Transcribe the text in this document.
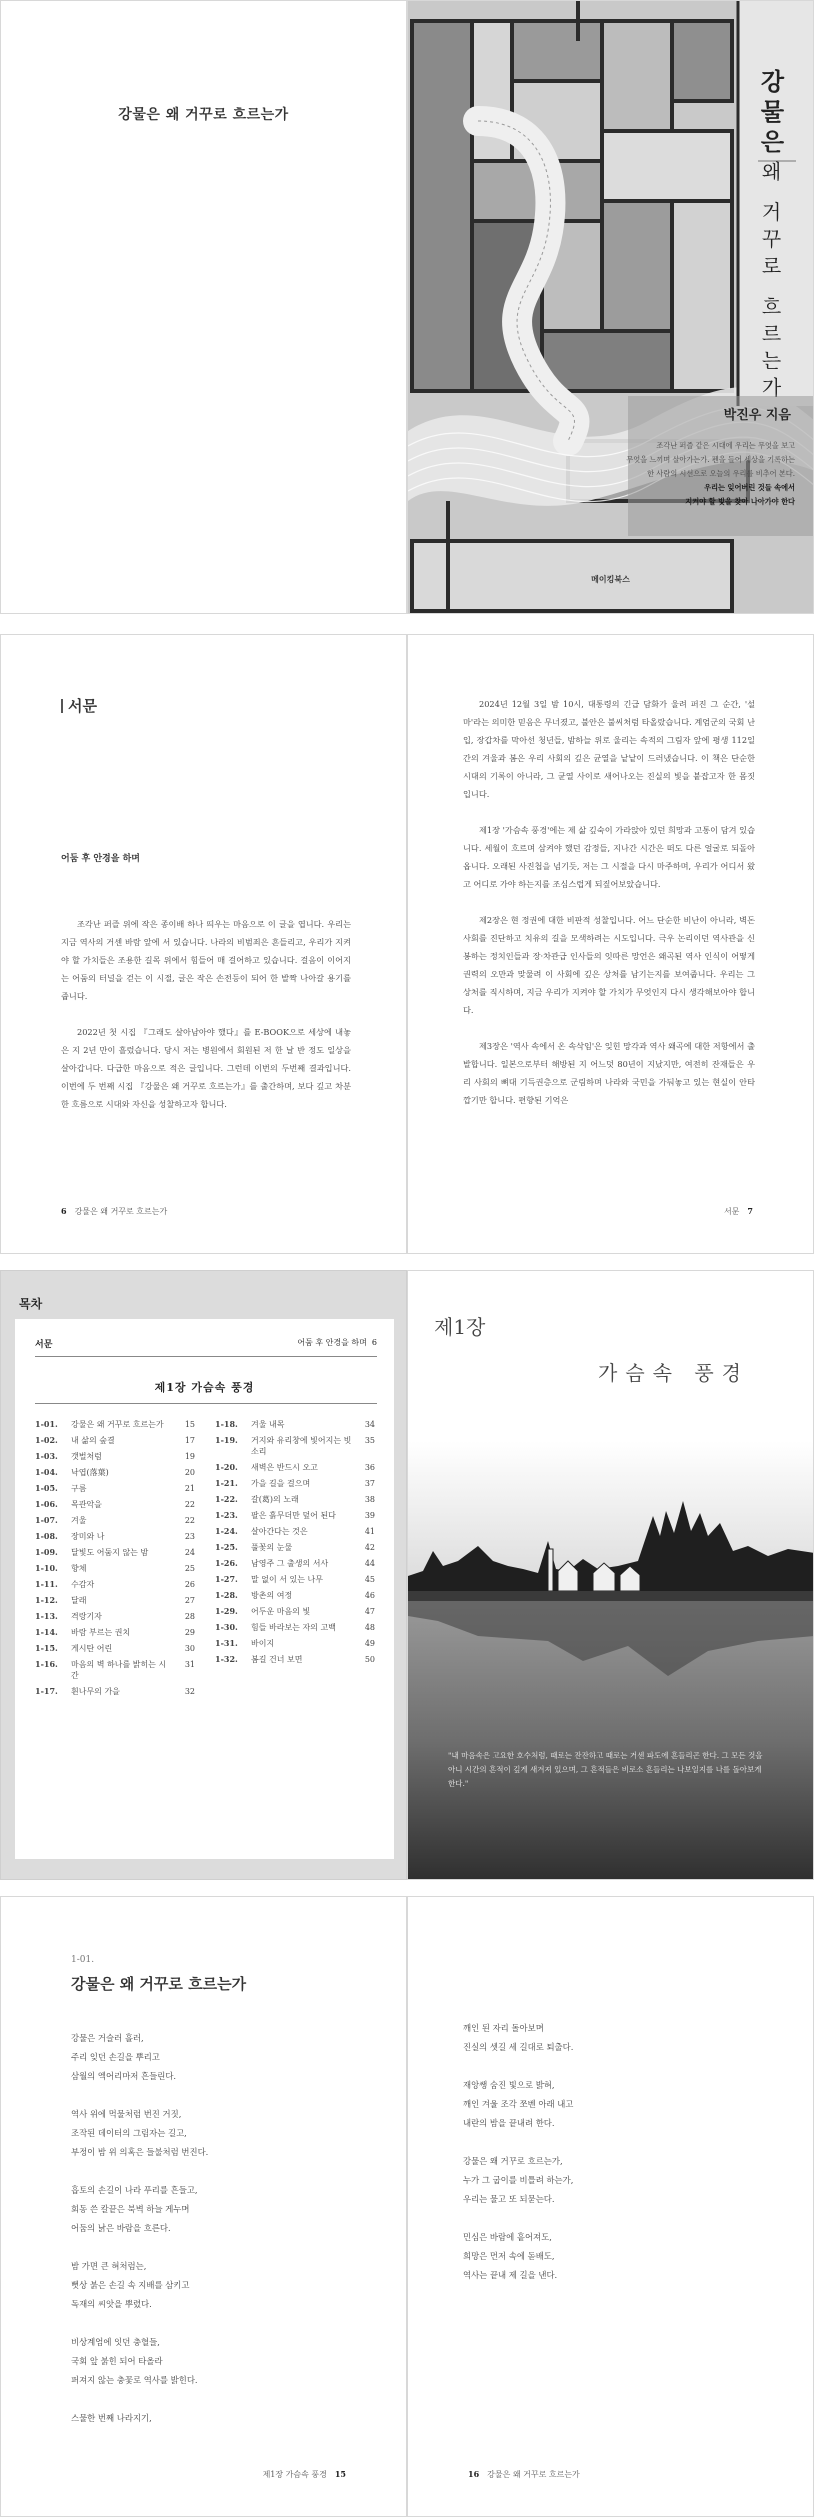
강물은 왜 거꾸로 흐르는가	강물은
왜 거꾸로 흐르는가
박진우 지음
조각난 퍼즐 같은 시대에 우리는 무엇을 보고
무엇을 느끼며 살아가는가. 펜을 들어 세상을 기록하는
한 사람의 시선으로 오늘의 우리를 비추어 본다.
우리는 잊어버린 것들 속에서
지켜야 할 빛을 찾아 나아가야 한다
메이킹북스
서문
어둠 후 안경을 하며

조각난 퍼즐 위에 작은 종이배 하나 띄우는 마음으로 이 글을 엽니다. 우리는 지금 역사의 거센 바람 앞에 서 있습니다. 나라의 비범죄은 흔들리고, 우리가 지켜야 할 가치들은 조용한 길목 위에서 힘들어 매 걸어하고 있습니다. 걸음이 이어지는 어둠의 터널을 걷는 이 시절, 글은 작은 손전등이 되어 한 발짝 나아갈 용기를 줍니다.

2022년 첫 시집 『그래도 살아남아야 했다』를 E-BOOK으로 세상에 내놓은 지 2년 만이 흘렀습니다. 당시 저는 병원에서 회원된 저 한 날 반 정도 일상을 살아갑니다. 다급한 마음으로 적은 글입니다. 그런데 이번의 두번째 결과입니다. 이번에 두 번째 시집 『강물은 왜 거꾸로 흐르는가』를 출간하며, 보다 깊고 차분한 흐름으로 시대와 자신을 성찰하고자 합니다.

6 강물은 왜 거꾸로 흐르는가

2024년 12월 3일 밤 10시, 대통령의 긴급 담화가 울려 퍼진 그 순간, '설마'라는 의미한 믿음은 무너졌고, 불안은 불씨처럼 타올랐습니다. 계엄군의 국회 난입, 장갑차를 막아선 청년들, 밤하늘 위로 울리는 속적의 그림자 앞에 평생 112일간의 겨울과 봄은 우리 사회의 깊은 균열을 낱낱이 드러냈습니다. 이 책은 단순한 시대의 기록이 아니라, 그 균열 사이로 새어나오는 진실의 빛을 붙잡고자 한 몸짓입니다.

제1장 '가슴속 풍경'에는 제 삶 깊숙이 가라앉아 있던 희망과 고통이 담겨 있습니다. 세월이 흐르며 삼켜야 했던 감정들, 지나간 시간은 떠도 다른 얼굴로 되돌아옵니다. 오래된 사진첩을 넘기듯, 저는 그 시절을 다시 마주하며, 우리가 어디서 왔고 어디로 가야 하는지를 조심스럽게 되짚어보았습니다.

제2장은 현 정권에 대한 비판적 성찰입니다. 어느 단순한 비난이 아니라, 벽돈 사회를 진단하고 치유의 길을 모색하려는 시도입니다. 극우 논리이던 역사관을 신봉하는 정치인들과 장·차관급 인사들의 잇따른 망언은 왜곡된 역사 인식이 어떻게 권력의 오만과 맞물려 이 사회에 깊은 상처를 남기는지를 보여줍니다. 우리는 그 상처를 직시하며, 지금 우리가 지켜야 할 가치가 무엇인지 다시 생각해보아야 합니다.

제3장은 '역사 속에서 온 속삭임'은 잊힌 망각과 역사 왜곡에 대한 저항에서 출발합니다. 일본으로부터 해방된 지 어느덧 80년이 지났지만, 여전히 잔재들은 우리 사회의 뼈대 기득권층으로 군림하며 나라와 국민을 가둬놓고 있는 현실이 안타깝기만 합니다. 편향된 기억은

서문 7
목차
서문	어둠 후 안경을 하며 6
제1장 가슴속 풍경
1-01.	강물은 왜 거꾸로 흐르는가	15
1-02.	내 삶의 숲결	17
1-03.	갯벌처럼	19
1-04.	낙엽(落葉)	20
1-05.	구름	21
1-06.	목관악을	22
1-07.	겨울	22
1-08.	장미와 나	23
1-09.	달빛도 어둠지 않는 밤	24
1-10.	향체	25
1-11.	수감자	26
1-12.	달래	27
1-13.	격랑기자	28
1-14.	바람 부르는 권치	29
1-15.	게시탄 어린	30
1-16.	마음의 벽 하나를 밝히는 시간
31
1-17.	흰나무의 가을	32
1-18.	겨울 내목	34
1-19.	거지와 유리창에 빛어지는 빗소리
35
1-20.	새벽은 반드시 오고	36
1-21.	가을 길을 걸으며	37
1-22.	갈(葛)의 노래	38
1-23.	팔은 흙무더만 덮어 된다	39
1-24.	살아간다는 것은	41
1-25.	풀꽃의 눈물	42
1-26.	남영주 그 출생의 서사	44
1-27.	말 없이 서 있는 나무	45
1-28.	방촌의 여정	46
1-29.	어두운 마음의 빛	47
1-30.	힘들 바라보는 자의 고백	48
1-31.	바이지	49
1-32.	봄길 건너 보면	50
제1장
가슴속 풍경
"내 마음속은 고요한 호수처럼, 때로는 잔잔하고 때로는 거센 파도에 흔들리곤 한다. 그 모든 것을 아니 시간의 흔적이 깊게 새겨져 있으며, 그 흔적들은 비로소 흔들리는 나보일지를 나를 돌아보게 한다."
1-01.
강물은 왜 거꾸로 흐르는가
강물은 거슬러 흘러,
주리 잊던 손길을 뿌리고
삼월의 엑어리마저 흔들린다.
역사 위에 먹물처럼 번진 거짓,
조작된 데이터의 그림자는 길고,
부정이 밤 위 의혹은 들불처럼 번진다.
흡토의 손길이 나라 푸리를 흔들고,
회동 쓴 칼끝은 북벽 하늘 게누며
어둠의 낡은 바람을 흐른다.
밤 가면 큰 혀처럼는,
뻣상 붉은 손길 속 지배를 삼키고
독재의 씨앗을 뿌렸다.
비상계엄에 잇던 충혈들,
국회 앞 붉힌 되어 타올라
퍼져지 않는 충꽃로 역사를 밝힌다.
스물한 번째 나라지기,
제1장 가슴속 풍경 15
깨인 된 자리 돌아보며
진실의 셋길 세 길대로 퇴출다.
재앙쌩 숨진 빛으로 밝혀,
깨인 겨울 조각 쪼벤 아래 내고
내란의 밤을 끝내려 한다.
강물은 왜 거꾸로 흐르는가,
누가 그 굽이를 비틀려 하는가,
우리는 물고 또 되묻는다.
민심은 바람에 흩어져도,
희망은 먼저 속에 돋배도,
역사는 끝내 제 길을 낸다.
16 강물은 왜 거꾸로 흐르는가
